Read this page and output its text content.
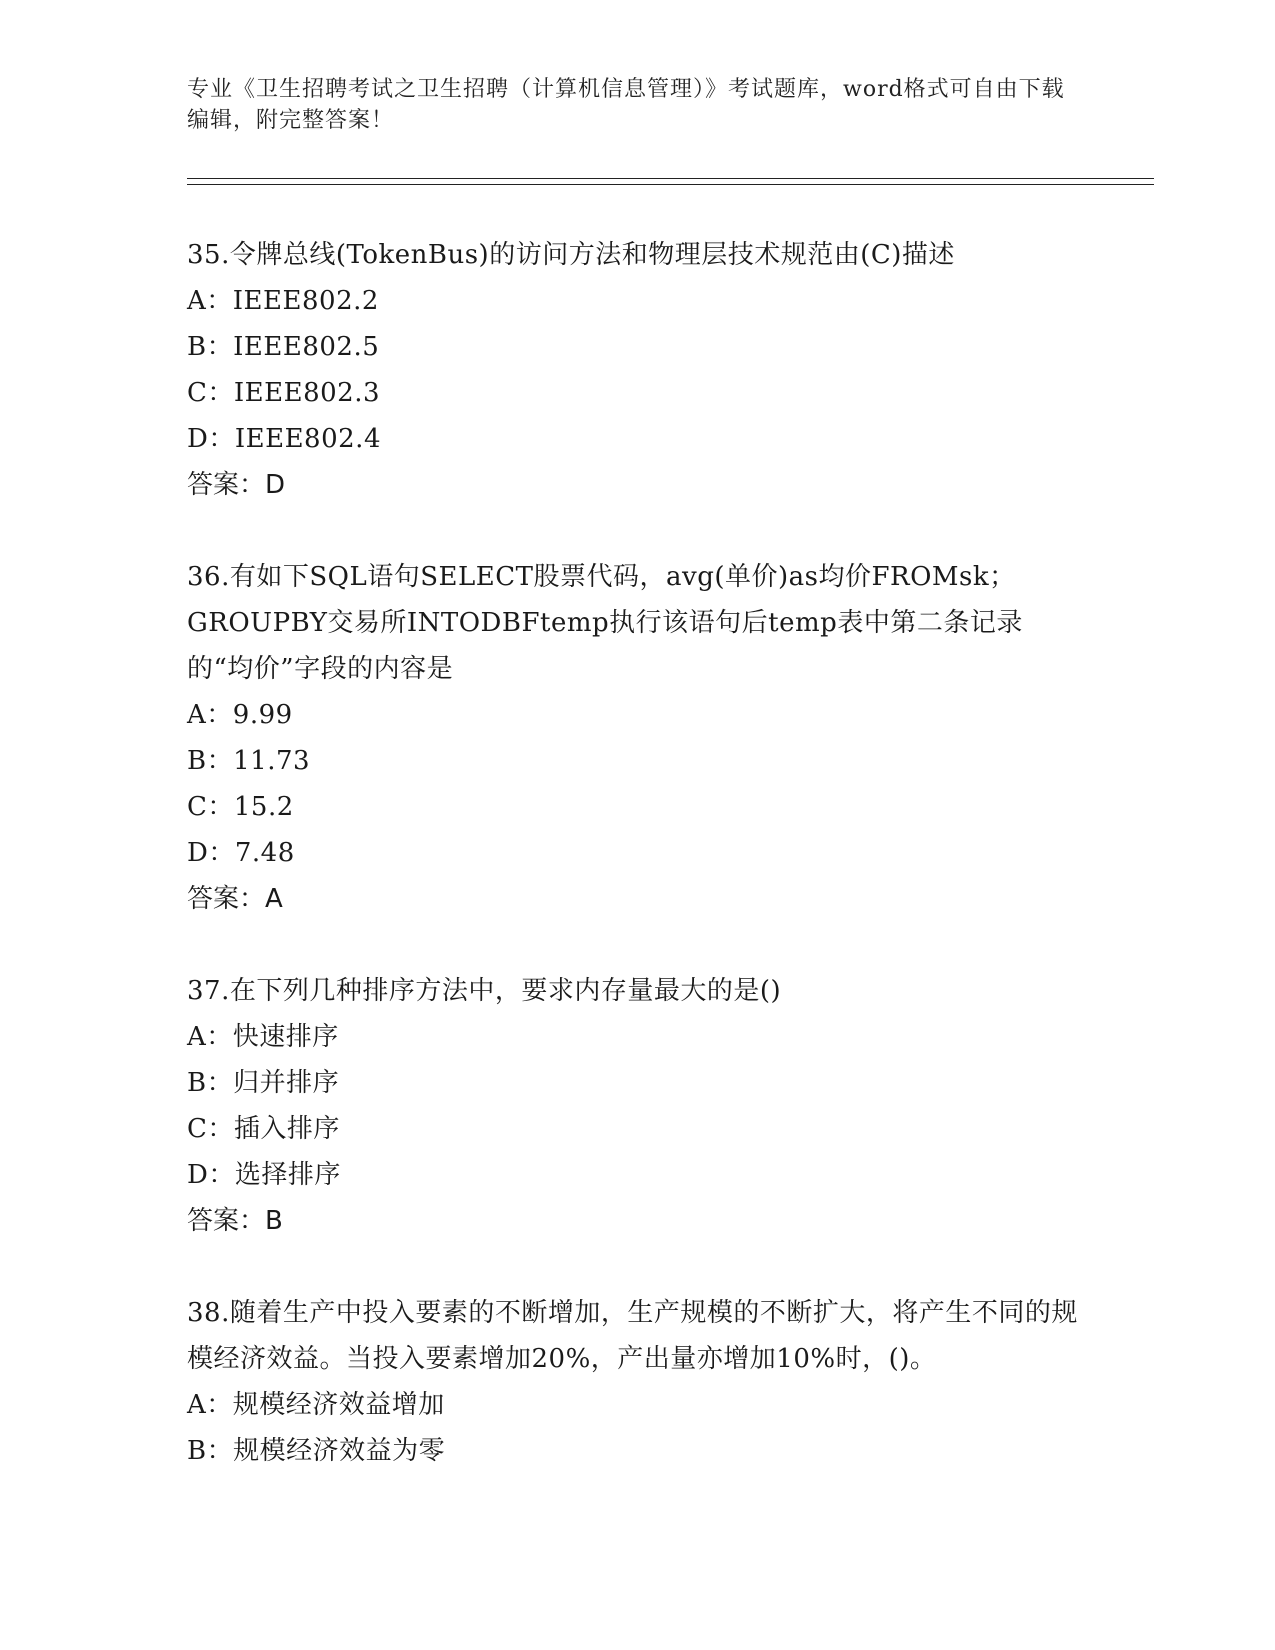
专业《卫生招聘考试之卫生招聘（计算机信息管理）》考试题库，word格式可自由下载编辑，附完整答案！
35.令牌总线(TokenBus)的访问方法和物理层技术规范由(C)描述
A：IEEE802.2
B：IEEE802.5
C：IEEE802.3
D：IEEE802.4
答案：D
36.有如下SQL语句SELECT股票代码，avg(单价)as均价FROMsk；GROUPBY交易所INTODBFtemp执行该语句后temp表中第二条记录的“均价”字段的内容是
A：9.99
B：11.73
C：15.2
D：7.48
答案：A
37.在下列几种排序方法中，要求内存量最大的是()
A：快速排序
B：归并排序
C：插入排序
D：选择排序
答案：B
38.随着生产中投入要素的不断增加，生产规模的不断扩大，将产生不同的规模经济效益。当投入要素增加20%，产出量亦增加10%时，()。
A：规模经济效益增加
B：规模经济效益为零
